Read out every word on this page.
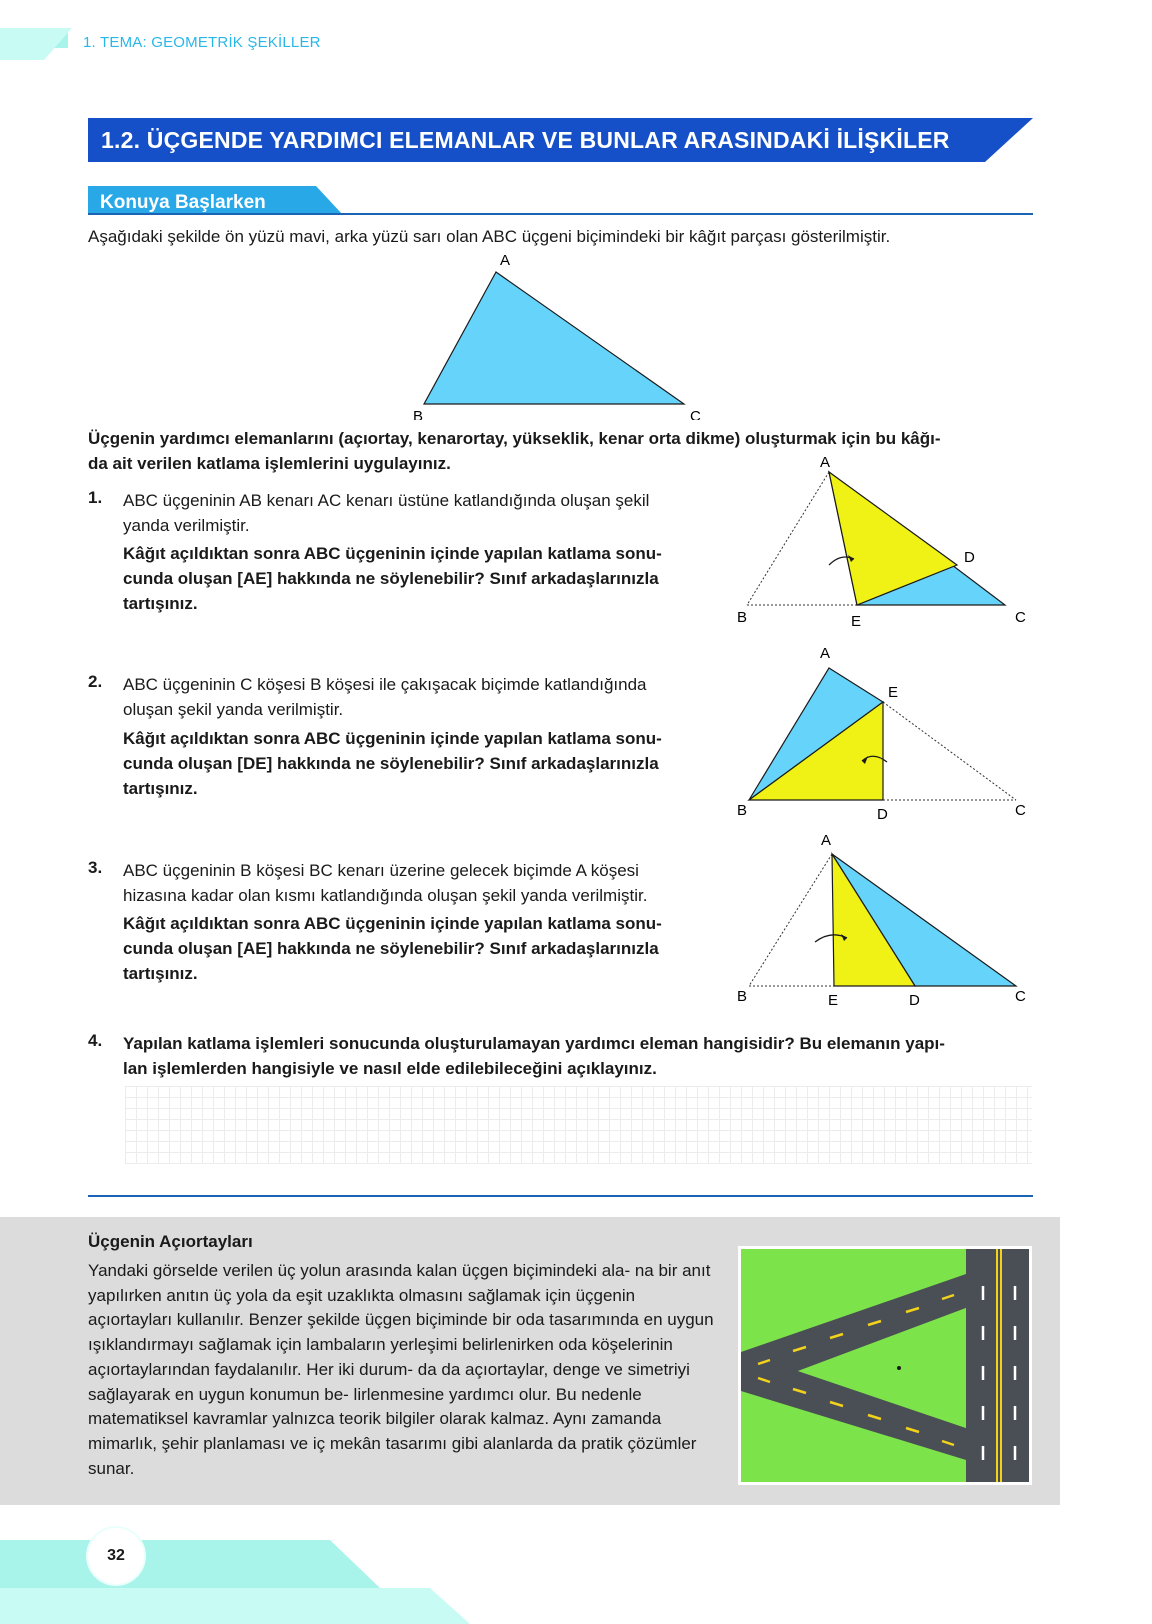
1. TEMA: GEOMETRİK ŞEKİLLER
1.2. ÜÇGENDE YARDIMCI ELEMANLAR VE BUNLAR ARASINDAKİ İLİŞKİLER
Konuya Başlarken
Aşağıdaki şekilde ön yüzü mavi, arka yüzü sarı olan ABC üçgeni biçimindeki bir kâğıt parçası gösterilmiştir.
A
B	C
Üçgenin yardımcı elemanlarını (açıortay, kenarortay, yükseklik, kenar orta dikme) oluşturmak için bu kâğı-
da ait verilen katlama işlemlerini uygulayınız.
1. ABC üçgeninin AB kenarı AC kenarı üstüne katlandığında oluşan şekil
yanda verilmiştir.
Kâğıt açıldıktan sonra ABC üçgeninin içinde yapılan katlama sonu-
cunda oluşan [AE] hakkında ne söylenebilir? Sınıf arkadaşlarınızla
tartışınız.
A
D
B	E	C
2. ABC üçgeninin C köşesi B köşesi ile çakışacak biçimde katlandığında
oluşan şekil yanda verilmiştir.
Kâğıt açıldıktan sonra ABC üçgeninin içinde yapılan katlama sonu-
cunda oluşan [DE] hakkında ne söylenebilir? Sınıf arkadaşlarınızla
tartışınız.
A
E
B	D	C
3. ABC üçgeninin B köşesi BC kenarı üzerine gelecek biçimde A köşesi
hizasına kadar olan kısmı katlandığında oluşan şekil yanda verilmiştir.
Kâğıt açıldıktan sonra ABC üçgeninin içinde yapılan katlama sonu-
cunda oluşan [AE] hakkında ne söylenebilir? Sınıf arkadaşlarınızla
tartışınız.
A
B	E	D	C
4. Yapılan katlama işlemleri sonucunda oluşturulamayan yardımcı eleman hangisidir? Bu elemanın yapı-
lan işlemlerden hangisiyle ve nasıl elde edilebileceğini açıklayınız.
Üçgenin Açıortayları
Yandaki görselde verilen üç yolun arasında kalan üçgen biçimindeki ala- na bir anıt yapılırken anıtın üç yola da eşit uzaklıkta olmasını sağlamak için üçgenin açıortayları kullanılır. Benzer şekilde üçgen biçiminde bir oda tasarımında en uygun ışıklandırmayı sağlamak için lambaların yerleşimi belirlenirken oda köşelerinin açıortaylarından faydalanılır. Her iki durum- da da açıortaylar, denge ve simetriyi sağlayarak en uygun konumun be- lirlenmesine yardımcı olur. Bu nedenle matematiksel kavramlar yalnızca teorik bilgiler olarak kalmaz. Aynı zamanda mimarlık, şehir planlaması ve iç mekân tasarımı gibi alanlarda da pratik çözümler sunar.
32
